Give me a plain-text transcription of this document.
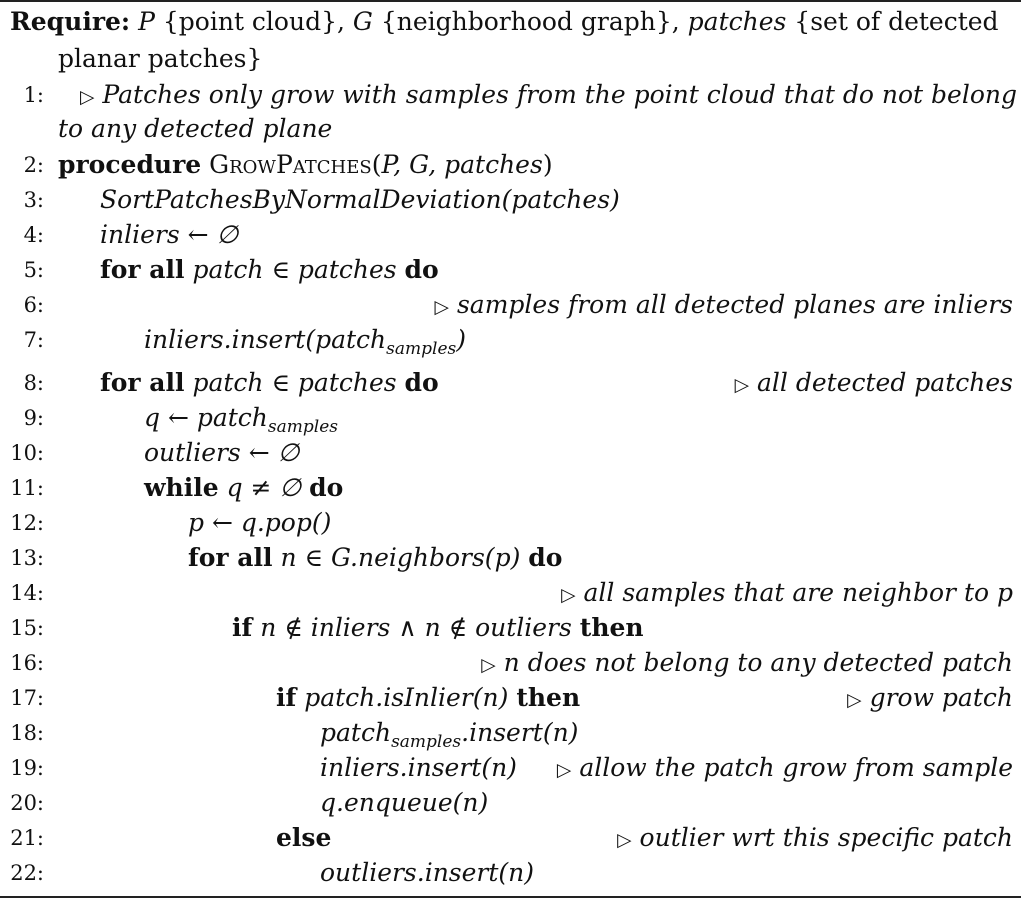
Require: P {point cloud}, G {neighborhood graph}, patches {set of detected
planar patches}
1: ▷ Patches only grow with samples from the point cloud that do not belong
to any detected plane
2: procedure GrowPatches(P, G, patches)
3: SortPatchesByNormalDeviation(patches)
4: inliers ← ∅
5: for all patch ∈ patches do
6:	▷ samples from all detected planes are inliers
7:	inliers.insert(patch$_{samples}$)
8: for all patch ∈ patches do	▷ all detected patches
9:	q ← patch$_{samples}$
10:	outliers ← ∅
11:	while q ≠ ∅ do
12:	p ← q.pop()
13:	for all n ∈ G.neighbors(p) do
14:	▷ all samples that are neighbor to p
15:	if n ∉ inliers ∧ n ∉ outliers then
16:	▷ n does not belong to any detected patch
17:	if patch.isInlier(n) then	▷ grow patch
18:	patch$_{samples}$.insert(n)
19:	inliers.insert(n)	▷ allow the patch grow from sample
20:	q.enqueue(n)
21:	else	▷ outlier wrt this specific patch
22:	outliers.insert(n)
